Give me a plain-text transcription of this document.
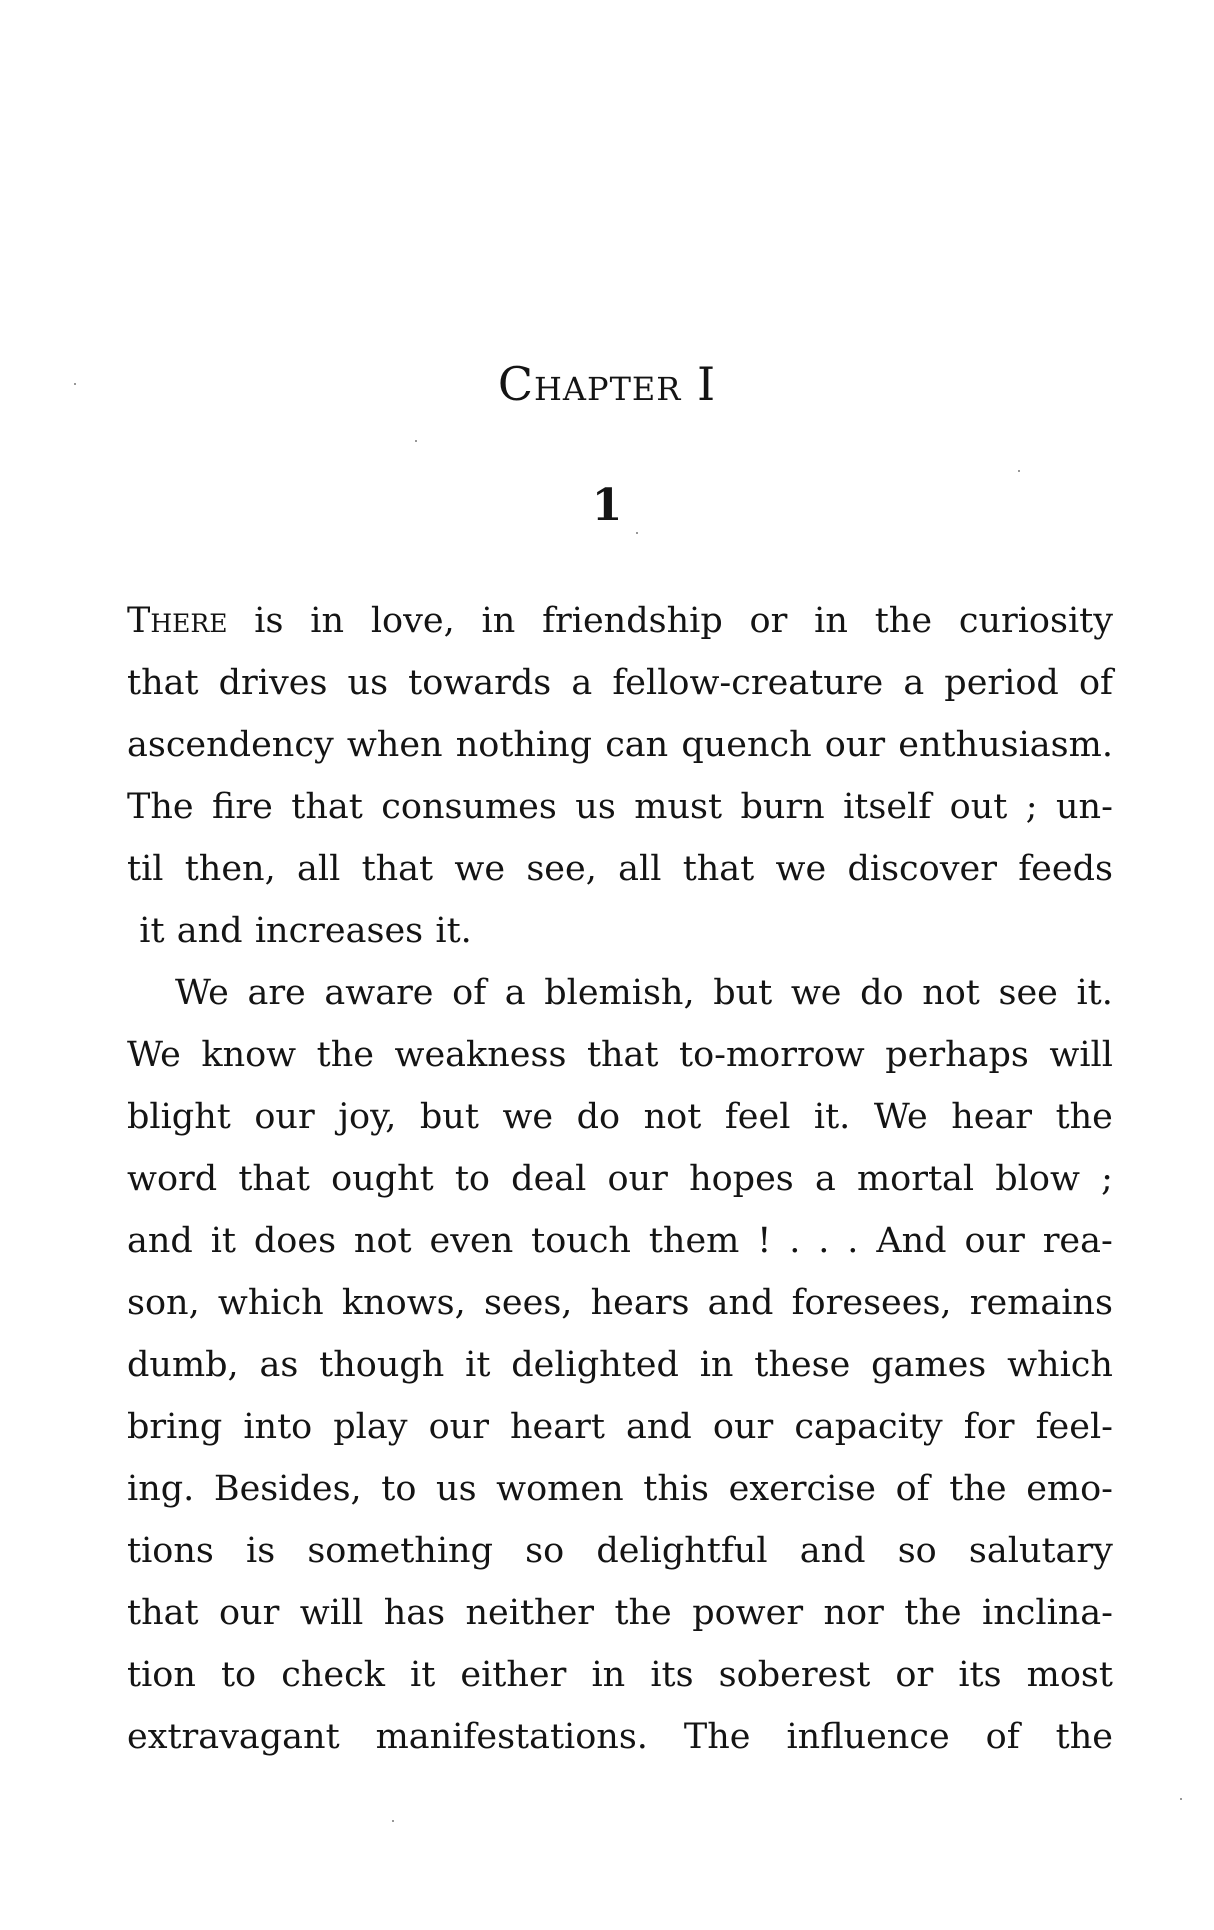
Chapter I
1
There is in love, in friendship or in the curiosity
that drives us towards a fellow-creature a period of
ascendency when nothing can quench our enthusiasm.
The fire that consumes us must burn itself out ; un-
til then, all that we see, all that we discover feeds
it and increases it.
We are aware of a blemish, but we do not see it.
We know the weakness that to-morrow perhaps will
blight our joy, but we do not feel it. We hear the
word that ought to deal our hopes a mortal blow ;
and it does not even touch them ! . . . And our rea-
son, which knows, sees, hears and foresees, remains
dumb, as though it delighted in these games which
bring into play our heart and our capacity for feel-
ing. Besides, to us women this exercise of the emo-
tions is something so delightful and so salutary
that our will has neither the power nor the inclina-
tion to check it either in its soberest or its most
extravagant manifestations. The influence of the
